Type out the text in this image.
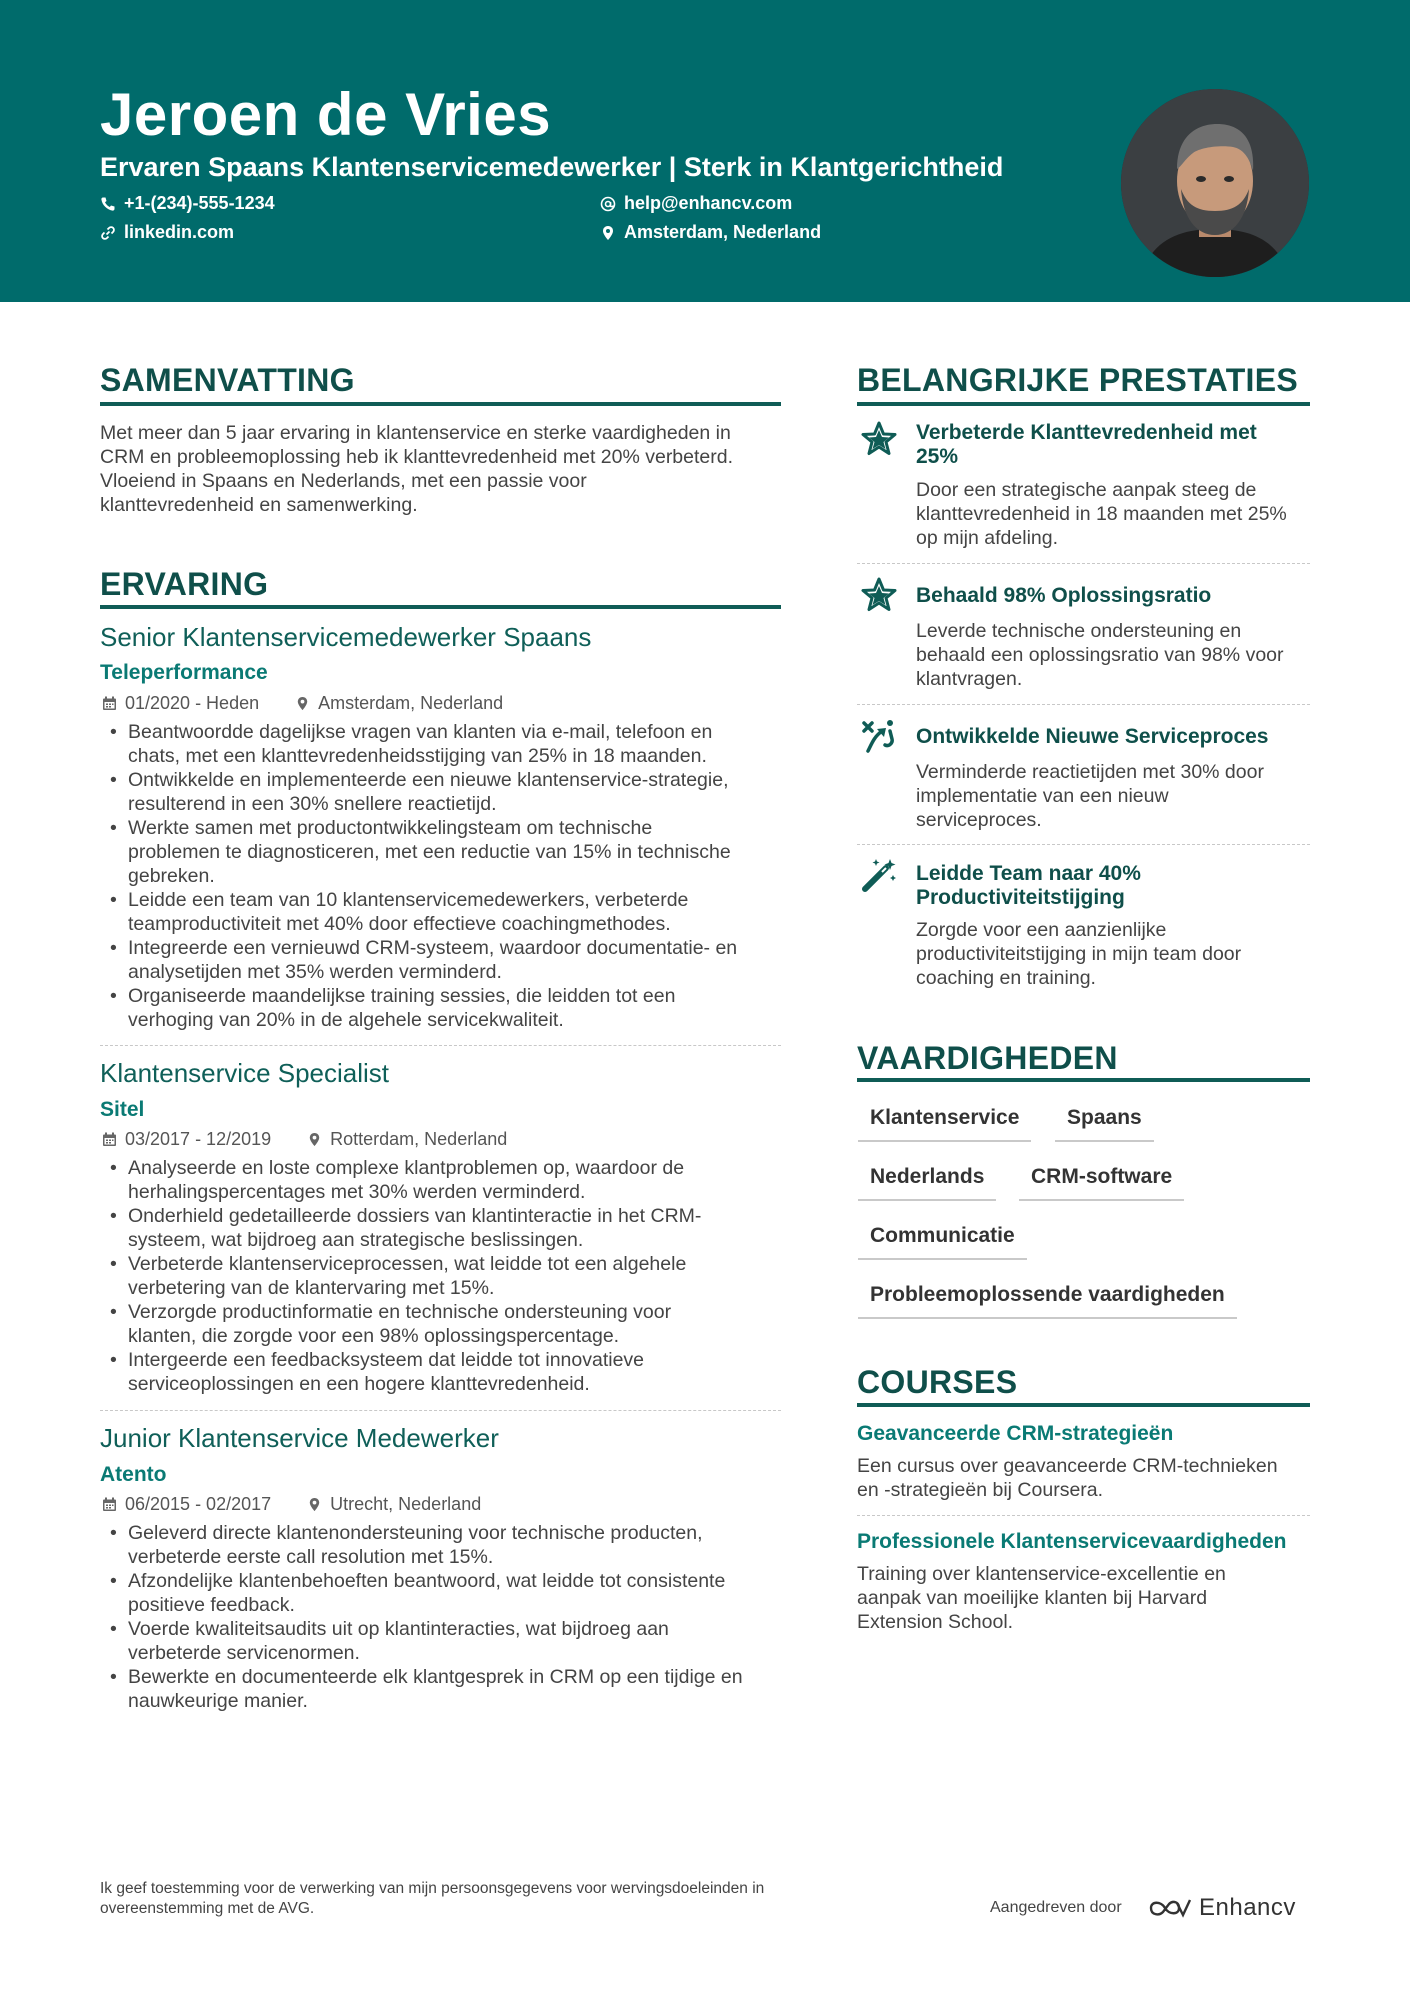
Jeroen de Vries
Ervaren Spaans Klantenservicemedewerker | Sterk in Klantgerichtheid
+1-(234)-555-1234	help@enhancv.com
linkedin.com	Amsterdam, Nederland
SAMENVATTING
Met meer dan 5 jaar ervaring in klantenservice en sterke vaardigheden in
CRM en probleemoplossing heb ik klanttevredenheid met 20% verbeterd.
Vloeiend in Spaans en Nederlands, met een passie voor
klanttevredenheid en samenwerking.
ERVARING
Senior Klantenservicemedewerker Spaans
Teleperformance
01/2020 - Heden	Amsterdam, Nederland
• Beantwoordde dagelijkse vragen van klanten via e-mail, telefoon en
chats, met een klanttevredenheidsstijging van 25% in 18 maanden.
• Ontwikkelde en implementeerde een nieuwe klantenservice-strategie,
resulterend in een 30% snellere reactietijd.
• Werkte samen met productontwikkelingsteam om technische
problemen te diagnosticeren, met een reductie van 15% in technische
gebreken.
• Leidde een team van 10 klantenservicemedewerkers, verbeterde
teamproductiviteit met 40% door effectieve coachingmethodes.
• Integreerde een vernieuwd CRM-systeem, waardoor documentatie- en
analysetijden met 35% werden verminderd.
• Organiseerde maandelijkse training sessies, die leidden tot een
verhoging van 20% in de algehele servicekwaliteit.
Klantenservice Specialist
Sitel
03/2017 - 12/2019	Rotterdam, Nederland
• Analyseerde en loste complexe klantproblemen op, waardoor de
herhalingspercentages met 30% werden verminderd.
• Onderhield gedetailleerde dossiers van klantinteractie in het CRM-
systeem, wat bijdroeg aan strategische beslissingen.
• Verbeterde klantenserviceprocessen, wat leidde tot een algehele
verbetering van de klantervaring met 15%.
• Verzorgde productinformatie en technische ondersteuning voor
klanten, die zorgde voor een 98% oplossingspercentage.
• Intergeerde een feedbacksysteem dat leidde tot innovatieve
serviceoplossingen en een hogere klanttevredenheid.
Junior Klantenservice Medewerker
Atento
06/2015 - 02/2017	Utrecht, Nederland
• Geleverd directe klantenondersteuning voor technische producten,
verbeterde eerste call resolution met 15%.
• Afzondelijke klantenbehoeften beantwoord, wat leidde tot consistente
positieve feedback.
• Voerde kwaliteitsaudits uit op klantinteracties, wat bijdroeg aan
verbeterde servicenormen.
• Bewerkte en documenteerde elk klantgesprek in CRM op een tijdige en
nauwkeurige manier.
BELANGRIJKE PRESTATIES
Verbeterde Klanttevredenheid met
25%
Door een strategische aanpak steeg de
klanttevredenheid in 18 maanden met 25%
op mijn afdeling.
Behaald 98% Oplossingsratio
Leverde technische ondersteuning en
behaald een oplossingsratio van 98% voor
klantvragen.
Ontwikkelde Nieuwe Serviceproces
Verminderde reactietijden met 30% door
implementatie van een nieuw
serviceproces.
Leidde Team naar 40%
Productiviteitstijging
Zorgde voor een aanzienlijke
productiviteitstijging in mijn team door
coaching en training.
VAARDIGHEDEN
Klantenservice	Spaans
Nederlands	CRM-software
Communicatie
Probleemoplossende vaardigheden
COURSES
Geavanceerde CRM-strategieën
Een cursus over geavanceerde CRM-technieken
en -strategieën bij Coursera.
Professionele Klantenservicevaardigheden
Training over klantenservice-excellentie en
aanpak van moeilijke klanten bij Harvard
Extension School.
Ik geef toestemming voor de verwerking van mijn persoonsgegevens voor wervingsdoeleinden in
overeenstemming met de AVG.	Aangedreven door	Enhancv
